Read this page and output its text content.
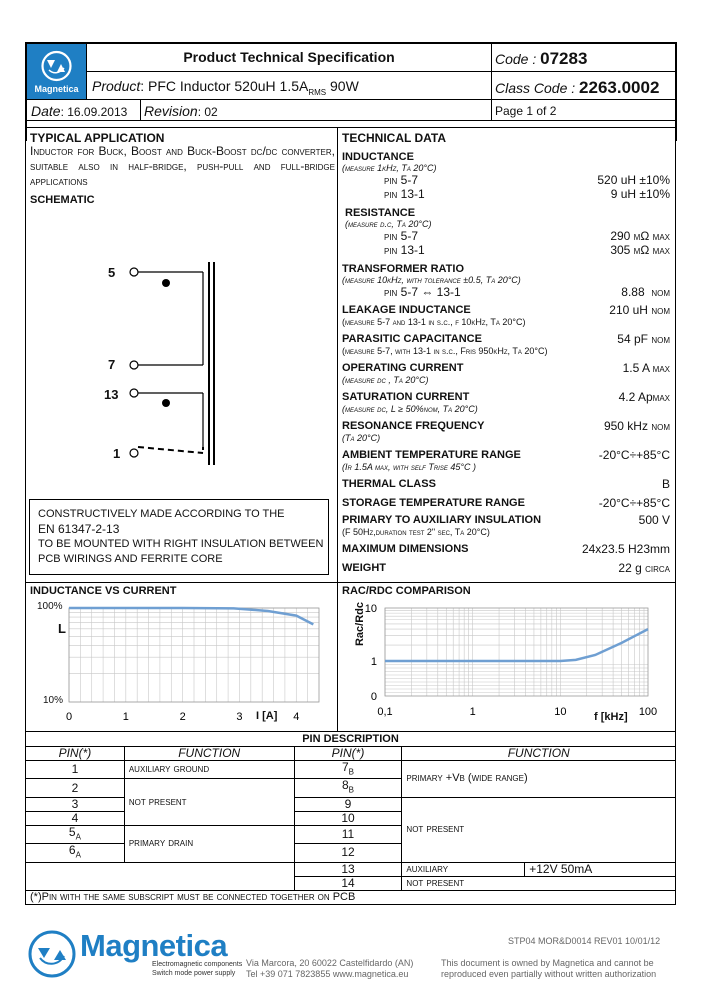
Magnetica
Product Technical Specification	Code : 07283
Product: PFC Inductor 520uH $1.5A_{RMS}$ 90W	Class Code : 2263.0002
Date: 16.09.2013 Revision: 02	Page 1 of 2
TYPICAL APPLICATION
Inductor for Buck, Boost and Buck-Boost dc/dc converter, suitable also in half-bridge, push-pull and full-bridge applications
SCHEMATIC
5
7
13
1
CONSTRUCTIVELY MADE ACCORDING TO THE
EN 61347-2-13
TO BE MOUNTED WITH RIGHT INSULATION BETWEEN
PCB WIRINGS AND FERRITE CORE
TECHNICAL DATA
INDUCTANCE
(measure 1kHz, Ta 20°C)
pin 5-7	520 uH ±10%
pin 13-1	9 uH ±10%
RESISTANCE
(measure d.c, Ta 20°C)
pin 5-7	290 mΩ max
pin 13-1	305 mΩ max
TRANSFORMER RATIO
(measure 10kHz, with tolerance ±0.5, Ta 20°C)
pin 5-7 ⇔ 13-1	8.88 nom
LEAKAGE INDUCTANCE	210 uH nom
(measure 5-7 and 13-1 in s.c., f 10kHz, Ta 20°C)
PARASITIC CAPACITANCE	54 pF nom
(measure 5-7, with 13-1 in s.c., Fris 950kHz, Ta 20°C)
OPERATING CURRENT	1.5 A max
(measure dc , Ta 20°C)
SATURATION CURRENT	4.2 Apmax
(measure dc, L ≥ 50%nom, Ta 20°C)
RESONANCE FREQUENCY	950 kHz nom
(Ta 20°C)
AMBIENT TEMPERATURE RANGE	-20°C÷+85°C
(Ir 1.5A max, with self Trise 45°C )
THERMAL CLASS	B
STORAGE TEMPERATURE RANGE	-20°C÷+85°C
PRIMARY TO AUXILIARY INSULATION	500 V
(F 50Hz,duration test 2" sec, Ta 20°C)
MAXIMUM DIMENSIONS	24x23.5 H23mm
WEIGHT	22 g circa
INDUCTANCE VS CURRENT
0	1	2	3	4
100%
10%
L
I [A]
RAC/RDC COMPARISON
10
1
0
0,1	1	10	100
Rac/Rdc
f [kHz]
PIN DESCRIPTION
PIN(*)	FUNCTION	PIN(*)	FUNCTION	
1	auxiliary ground	$7_B$	primary +Vb (wide range)	
2	not present	$8_B$
3		9	not present	
4		10		
$5_A$	primary drain	11		
$6_A$		12		
		13	auxiliary	+12V 50mA
		14	not present	
(*)Pin with the same subscript must be connected together on PCB				
Magnetica
Electromagnetic components
Switch mode power supply
Via Marcora, 20 60022 Castelfidardo (AN)
Tel +39 071 7823855 www.magnetica.eu
STP04 MOR&D0014 REV01 10/01/12
This document is owned by Magnetica and cannot be
reproduced even partially without written authorization
